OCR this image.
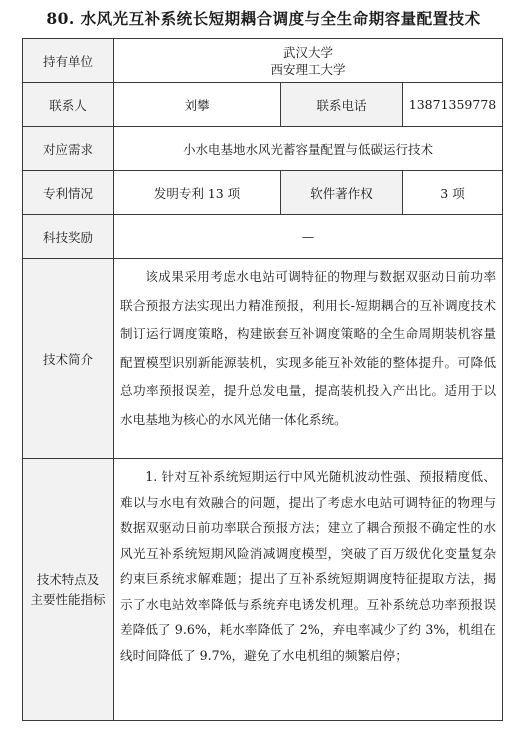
80. 水风光互补系统长短期耦合调度与全生命期容量配置技术
持有单位	武汉大学
西安理工大学		

联系人	刘攀	联系电话	13871359778
对应需求	小水电基地水风光蓄容量配置与低碳运行技术		
专利情况	发明专利 13 项	软件著作权	3 项
科技奖励	—		
技术简介	该成果采用考虑水电站可调特征的物理与数据双驱动日前功率联合预报方法实现出力精准预报，利用长-短期耦合的互补调度技术制订运行调度策略，构建嵌套互补调度策略的全生命周期装机容量配置模型识别新能源装机，实现多能互补效能的整体提升。可降低总功率预报误差，提升总发电量，提高装机投入产出比。适用于以水电基地为核心的水风光储一体化系统。		

技术特点及
主要性能指标	1. 针对互补系统短期运行中风光随机波动性强、预报精度低、难以与水电有效融合的问题，提出了考虑水电站可调特征的物理与数据双驱动日前功率联合预报方法；建立了耦合预报不确定性的水风光互补系统短期风险消减调度模型，突破了百万级优化变量复杂约束巨系统求解难题；提出了互补系统短期调度特征提取方法，揭示了水电站效率降低与系统弃电诱发机理。互补系统总功率预报误差降低了 9.6%，耗水率降低了 2%，弃电率减少了约 3%，机组在线时间降低了 9.7%，避免了水电机组的频繁启停；		
